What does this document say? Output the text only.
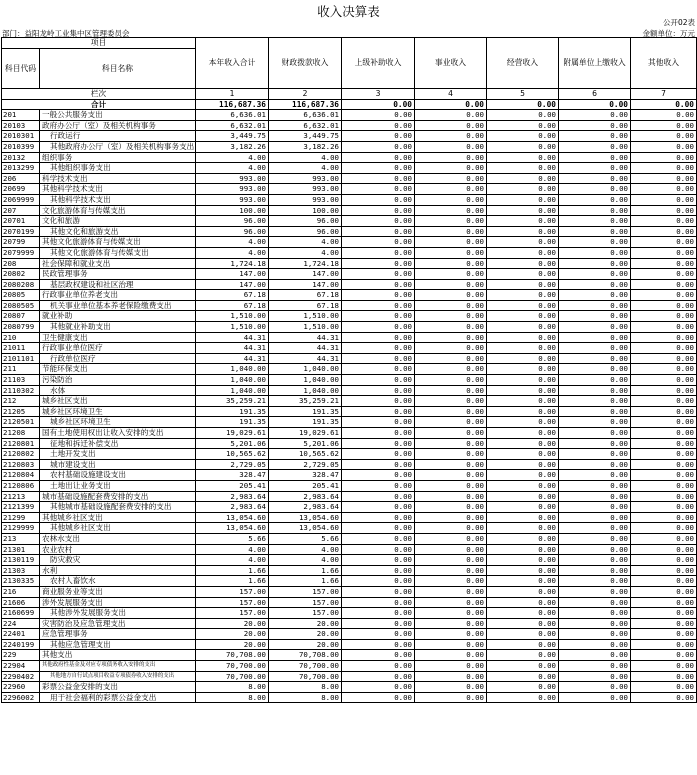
收入决算表
公开02表
金额单位：万元
部门：益阳龙岭工业集中区管理委员会
项目		本年收入合计	财政拨款收入	上级补助收入	事业收入	经营收入	附属单位上缴收入	其他收入
科目代码	科目名称							
栏次		1	2	3	4	5	6	7
合计		116,687.36	116,687.36	0.00	0.00	0.00	0.00	0.00
201	一般公共服务支出	6,636.01	6,636.01	0.00	0.00	0.00	0.00	0.00
20103	政府办公厅（室）及相关机构事务	6,632.01	6,632.01	0.00	0.00	0.00	0.00	0.00
2010301	行政运行	3,449.75	3,449.75	0.00	0.00	0.00	0.00	0.00
2010399	其他政府办公厅（室）及相关机构事务支出	3,182.26	3,182.26	0.00	0.00	0.00	0.00	0.00
20132	组织事务	4.00	4.00	0.00	0.00	0.00	0.00	0.00
2013299	其他组织事务支出	4.00	4.00	0.00	0.00	0.00	0.00	0.00
206	科学技术支出	993.00	993.00	0.00	0.00	0.00	0.00	0.00
20699	其他科学技术支出	993.00	993.00	0.00	0.00	0.00	0.00	0.00
2069999	其他科学技术支出	993.00	993.00	0.00	0.00	0.00	0.00	0.00
207	文化旅游体育与传媒支出	100.00	100.00	0.00	0.00	0.00	0.00	0.00
20701	文化和旅游	96.00	96.00	0.00	0.00	0.00	0.00	0.00
2070199	其他文化和旅游支出	96.00	96.00	0.00	0.00	0.00	0.00	0.00
20799	其他文化旅游体育与传媒支出	4.00	4.00	0.00	0.00	0.00	0.00	0.00
2079999	其他文化旅游体育与传媒支出	4.00	4.00	0.00	0.00	0.00	0.00	0.00
208	社会保障和就业支出	1,724.18	1,724.18	0.00	0.00	0.00	0.00	0.00
20802	民政管理事务	147.00	147.00	0.00	0.00	0.00	0.00	0.00
2080208	基层政权建设和社区治理	147.00	147.00	0.00	0.00	0.00	0.00	0.00
20805	行政事业单位养老支出	67.18	67.18	0.00	0.00	0.00	0.00	0.00
2080505	机关事业单位基本养老保险缴费支出	67.18	67.18	0.00	0.00	0.00	0.00	0.00
20807	就业补助	1,510.00	1,510.00	0.00	0.00	0.00	0.00	0.00
2080799	其他就业补助支出	1,510.00	1,510.00	0.00	0.00	0.00	0.00	0.00
210	卫生健康支出	44.31	44.31	0.00	0.00	0.00	0.00	0.00
21011	行政事业单位医疗	44.31	44.31	0.00	0.00	0.00	0.00	0.00
2101101	行政单位医疗	44.31	44.31	0.00	0.00	0.00	0.00	0.00
211	节能环保支出	1,040.00	1,040.00	0.00	0.00	0.00	0.00	0.00
21103	污染防治	1,040.00	1,040.00	0.00	0.00	0.00	0.00	0.00
2110302	水体	1,040.00	1,040.00	0.00	0.00	0.00	0.00	0.00
212	城乡社区支出	35,259.21	35,259.21	0.00	0.00	0.00	0.00	0.00
21205	城乡社区环境卫生	191.35	191.35	0.00	0.00	0.00	0.00	0.00
2120501	城乡社区环境卫生	191.35	191.35	0.00	0.00	0.00	0.00	0.00
21208	国有土地使用权出让收入安排的支出	19,029.61	19,029.61	0.00	0.00	0.00	0.00	0.00
2120801	征地和拆迁补偿支出	5,201.06	5,201.06	0.00	0.00	0.00	0.00	0.00
2120802	土地开发支出	10,565.62	10,565.62	0.00	0.00	0.00	0.00	0.00
2120803	城市建设支出	2,729.05	2,729.05	0.00	0.00	0.00	0.00	0.00
2120804	农村基础设施建设支出	328.47	328.47	0.00	0.00	0.00	0.00	0.00
2120806	土地出让业务支出	205.41	205.41	0.00	0.00	0.00	0.00	0.00
21213	城市基础设施配套费安排的支出	2,983.64	2,983.64	0.00	0.00	0.00	0.00	0.00
2121399	其他城市基础设施配套费安排的支出	2,983.64	2,983.64	0.00	0.00	0.00	0.00	0.00
21299	其他城乡社区支出	13,054.60	13,054.60	0.00	0.00	0.00	0.00	0.00
2129999	其他城乡社区支出	13,054.60	13,054.60	0.00	0.00	0.00	0.00	0.00
213	农林水支出	5.66	5.66	0.00	0.00	0.00	0.00	0.00
21301	农业农村	4.00	4.00	0.00	0.00	0.00	0.00	0.00
2130119	防灾救灾	4.00	4.00	0.00	0.00	0.00	0.00	0.00
21303	水利	1.66	1.66	0.00	0.00	0.00	0.00	0.00
2130335	农村人畜饮水	1.66	1.66	0.00	0.00	0.00	0.00	0.00
216	商业服务业等支出	157.00	157.00	0.00	0.00	0.00	0.00	0.00
21606	涉外发展服务支出	157.00	157.00	0.00	0.00	0.00	0.00	0.00
2160699	其他涉外发展服务支出	157.00	157.00	0.00	0.00	0.00	0.00	0.00
224	灾害防治及应急管理支出	20.00	20.00	0.00	0.00	0.00	0.00	0.00
22401	应急管理事务	20.00	20.00	0.00	0.00	0.00	0.00	0.00
2240199	其他应急管理支出	20.00	20.00	0.00	0.00	0.00	0.00	0.00
229	其他支出	70,708.00	70,708.00	0.00	0.00	0.00	0.00	0.00
22904	其他政府性基金及对应专项债务收入安排的支出	70,700.00	70,700.00	0.00	0.00	0.00	0.00	0.00
2290402	其他地方自行试点项目收益专项债券收入安排的支出	70,700.00	70,700.00	0.00	0.00	0.00	0.00	0.00
22960	彩票公益金安排的支出	8.00	8.00	0.00	0.00	0.00	0.00	0.00
2296002	用于社会福利的彩票公益金支出	8.00	8.00	0.00	0.00	0.00	0.00	0.00
